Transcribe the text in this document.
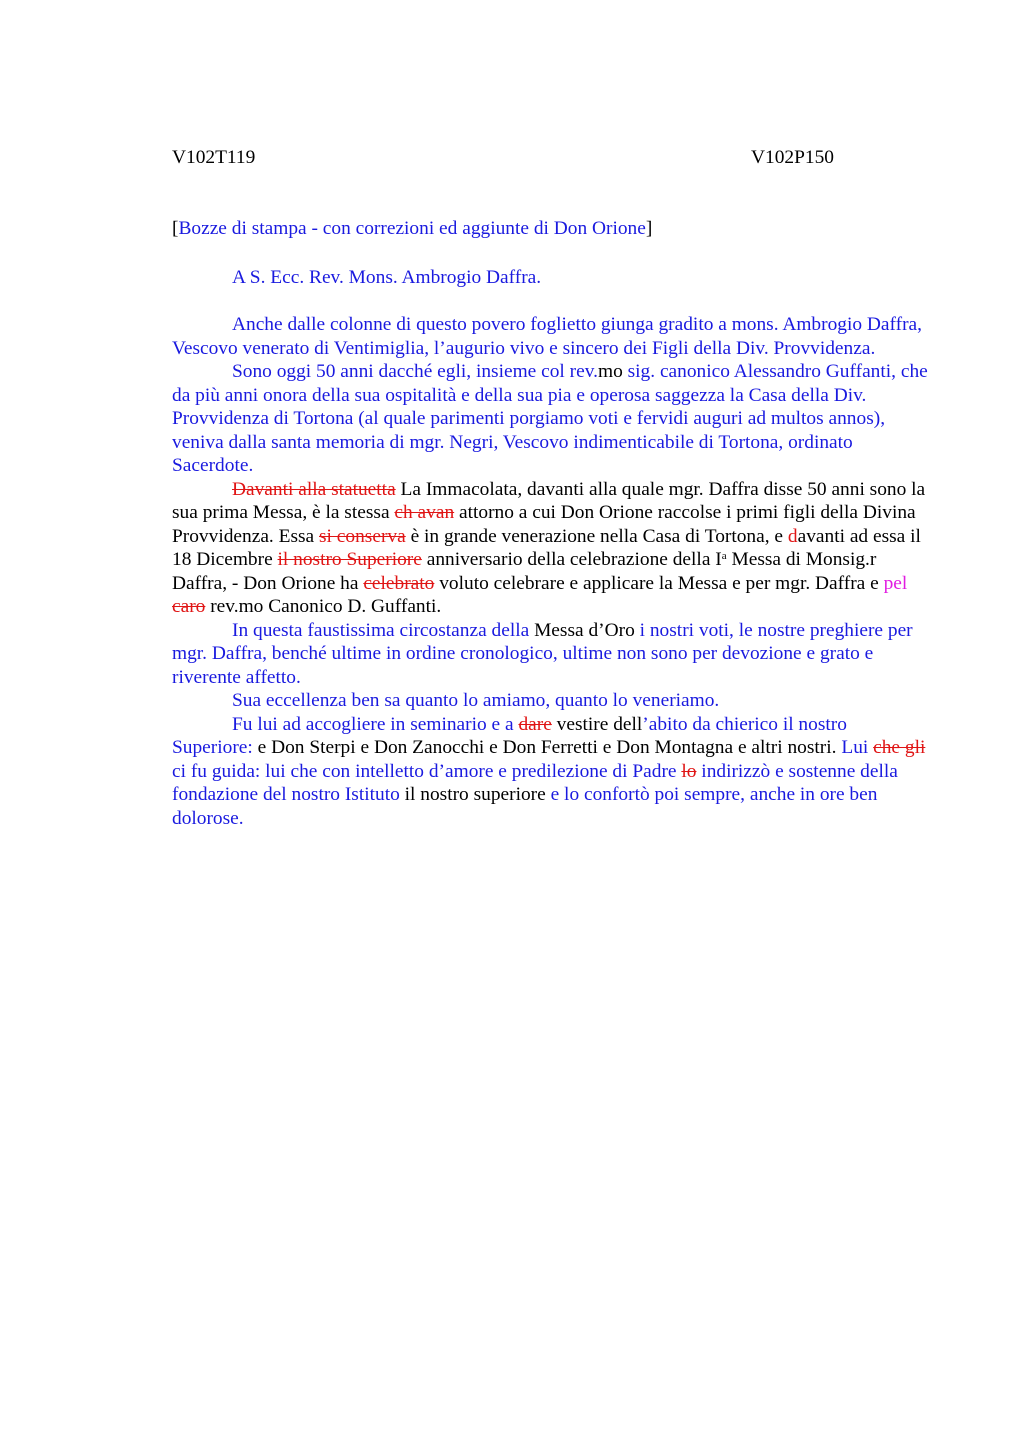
V102T119	V102P150
[Bozze di stampa - con correzioni ed aggiunte di Don Orione]

A S. Ecc. Rev. Mons. Ambrogio Daffra.

Anche dalle colonne di questo povero foglietto giunga gradito a mons. Ambrogio Daffra, Vescovo venerato di Ventimiglia, l’augurio vivo e sincero dei Figli della Div. Provvidenza.

Sono oggi 50 anni dacché egli, insieme col rev.mo sig. canonico Alessandro Guffanti, che da più anni onora della sua ospitalità e della sua pia e operosa saggezza la Casa della Div. Provvidenza di Tortona (al quale parimenti porgiamo voti e fervidi auguri ad multos annos), veniva dalla santa memoria di mgr. Negri, Vescovo indimenticabile di Tortona, ordinato Sacerdote.

Davanti alla statuetta La Immacolata, davanti alla quale mgr. Daffra disse 50 anni sono la sua prima Messa, è la stessa ch avan attorno a cui Don Orione raccolse i primi figli della Divina Provvidenza. Essa si conserva è in grande venerazione nella Casa di Tortona, e davanti ad essa il 18 Dicembre il nostro Superiore anniversario della celebrazione della $I^a$ Messa di Monsig.r Daffra, - Don Orione ha celebrato voluto celebrare e applicare la Messa e per mgr. Daffra e pel caro rev.mo Canonico D. Guffanti.

In questa faustissima circostanza della Messa d’Oro i nostri voti, le nostre preghiere per mgr. Daffra, benché ultime in ordine cronologico, ultime non sono per devozione e grato e riverente affetto.

Sua eccellenza ben sa quanto lo amiamo, quanto lo veneriamo.

Fu lui ad accogliere in seminario e a dare vestire dell’abito da chierico il nostro Superiore: e Don Sterpi e Don Zanocchi e Don Ferretti e Don Montagna e altri nostri. Lui che gli ci fu guida: lui che con intelletto d’amore e predilezione di Padre lo indirizzò e sostenne della fondazione del nostro Istituto il nostro superiore e lo confortò poi sempre, anche in ore ben dolorose.
